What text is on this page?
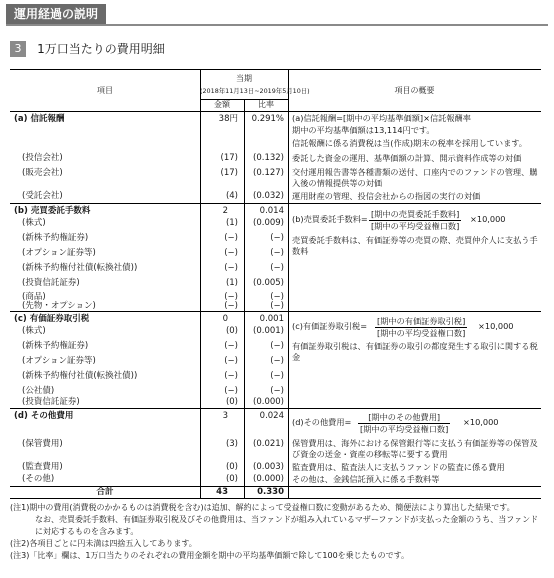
運用経過の説明
3 1万口当たりの費用明細
項目
当期
(2018年11月13日~2019年5月10日)
金額	比率
項目の概要
(a) 信託報酬	38円	0.291% (a)信託報酬=[期中の平均基準価額]×信託報酬率
期中の平均基準価額は13,114円です。
信託報酬に係る消費税は当(作成)期末の税率を採用しています。
(投信会社)	(17)	(0.132) 委託した資金の運用、基準価額の計算、開示資料作成等の対価
(販売会社)	(17)	(0.127) 交付運用報告書等各種書類の送付、口座内でのファンドの管理、購入後の情報提供等の対価
(受託会社)	(4)	(0.032) 運用財産の管理、投信会社からの指図の実行の対価
(b) 売買委託手数料	2	0.014
(b)売買委託手数料= [期中の売買委託手数料]
[期中の平均受益権口数]
×10,000
売買委託手数料は、有価証券等の売買の際、売買仲介人に支払う手数料
(株式)	(1)	(0.009)
(新株予約権証券)	(−)	(−)
(オプション証券等)	(−)	(−)
(新株予約権付社債(転換社債))	(−)	(−)
(投資信託証券)	(1)	(0.005)
(商品)	(−)	(−)
(先物・オプション)	(−)	(−)
(c) 有価証券取引税	0	0.001
(c)有価証券取引税= [期中の有価証券取引税]
[期中の平均受益権口数]
×10,000
有価証券取引税は、有価証券の取引の都度発生する取引に関する税金
(株式)	(0)	(0.001)
(新株予約権証券)	(−)	(−)
(オプション証券等)	(−)	(−)
(新株予約権付社債(転換社債))	(−)	(−)
(公社債)	(−)	(−)
(投資信託証券)	(0)	(0.000)
(d) その他費用	3	0.024
(d)その他費用=	[期中のその他費用]
[期中の平均受益権口数]
×10,000
(保管費用)	(3)	(0.021) 保管費用は、海外における保管銀行等に支払う有価証券等の保管及び資金の送金・資産の移転等に要する費用
(監査費用)	(0)	(0.003) 監査費用は、監査法人に支払うファンドの監査に係る費用
(その他)	(0)	(0.000) その他は、金銭信託預入に係る手数料等
合計	43	0.330
(注1)期中の費用(消費税のかかるものは消費税を含む)は追加、解約によって受益権口数に変動があるため、簡便法により算出した結果です。
なお、売買委託手数料、有価証券取引税及びその他費用は、当ファンドが組み入れているマザーファンドが支払った金額のうち、当ファンドに対応するものを含みます。
(注2)各項目ごとに円未満は四捨五入してあります。
(注3)「比率」欄は、1万口当たりのそれぞれの費用金額を期中の平均基準価額で除して100を乗じたものです。
